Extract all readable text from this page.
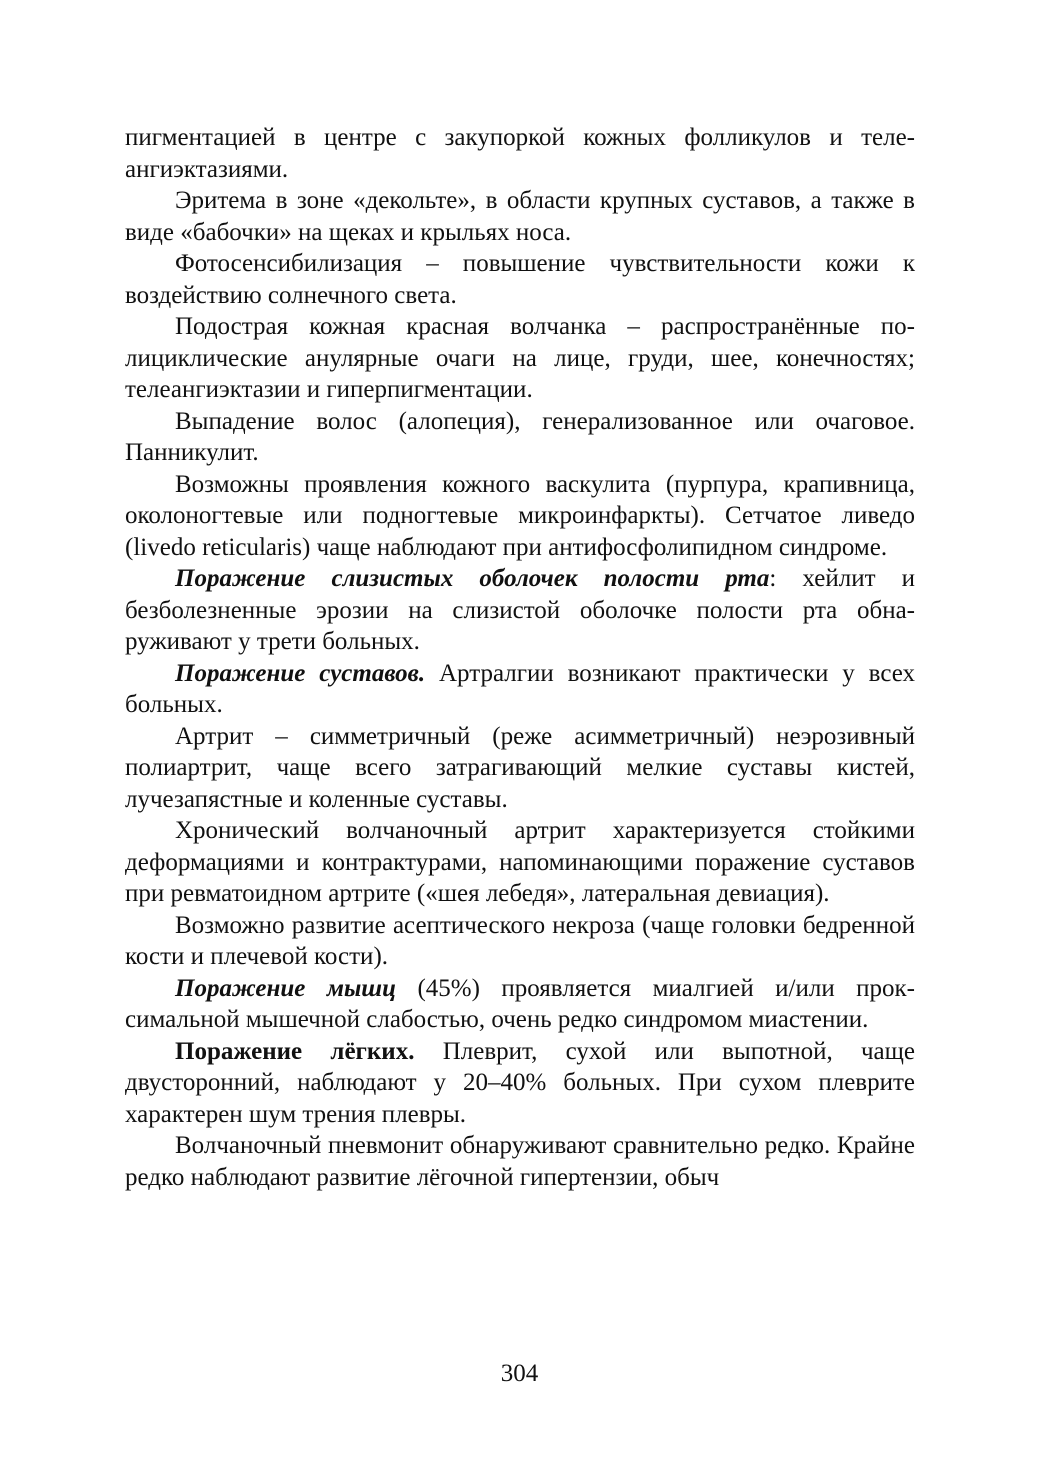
пигментацией в центре с закупоркой кожных фолликулов и телеангиэктазиями.

Эритема в зоне «декольте», в области крупных суставов, а также в виде «бабочки» на щеках и крыльях носа.

Фотосенсибилизация – повышение чувствительности кожи к воздействию солнечного света.

Подострая кожная красная волчанка – распространённые полициклические анулярные очаги на лице, груди, шее, конечностях; телеангиэктазии и гиперпигментации.

Выпадение волос (алопеция), генерализованное или очаговое. Панникулит.

Возможны проявления кожного васкулита (пурпура, крапивница, околоногтевые или подногтевые микроинфаркты). Сетчатое ливедо (livedo reticularis) чаще наблюдают при антифосфолипидном синдроме.

Поражение слизистых оболочек полости рта: хейлит и безболезненные эрозии на слизистой оболочке полости рта обнаруживают у трети больных.

Поражение суставов. Артралгии возникают практически у всех больных.

Артрит – симметричный (реже асимметричный) неэрозивный полиартрит, чаще всего затрагивающий мелкие суставы кистей, лучезапястные и коленные суставы.

Хронический волчаночный артрит характеризуется стойкими деформациями и контрактурами, напоминающими поражение суставов при ревматоидном артрите («шея лебедя», латеральная девиация).

Возможно развитие асептического некроза (чаще головки бедренной кости и плечевой кости).

Поражение мышц (45%) проявляется миалгией и/или проксимальной мышечной слабостью, очень редко синдромом миастении.

Поражение лёгких. Плеврит, сухой или выпотной, чаще двусторонний, наблюдают у 20–40% больных. При сухом плеврите характерен шум трения плевры.

Волчаночный пневмонит обнаруживают сравнительно редко. Крайне редко наблюдают развитие лёгочной гипертензии, обыч

304
